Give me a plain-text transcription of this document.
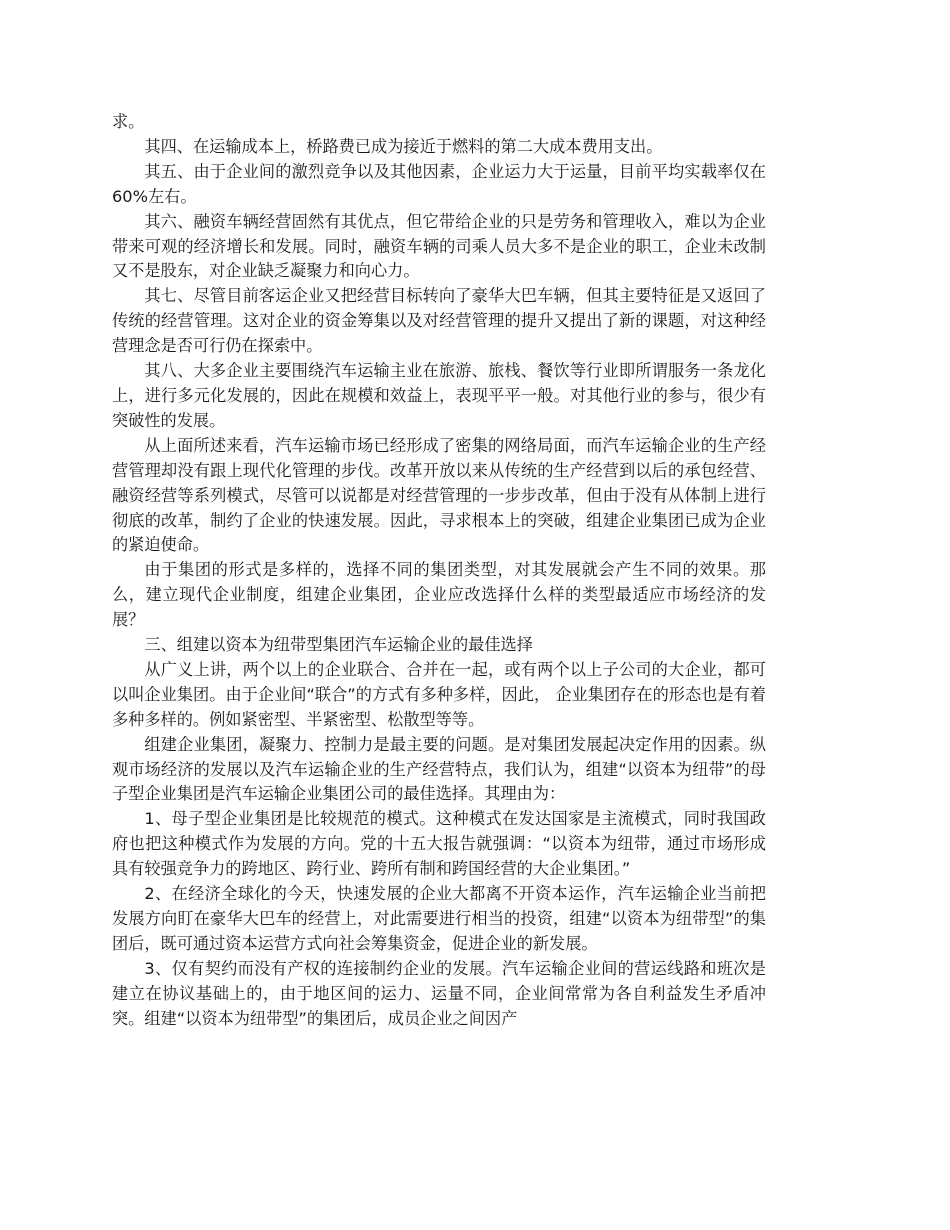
求。

其四、在运输成本上，桥路费已成为接近于燃料的第二大成本费用支出。

其五、由于企业间的激烈竞争以及其他因素，企业运力大于运量，目前平均实载率仅在60%左右。

其六、融资车辆经营固然有其优点，但它带给企业的只是劳务和管理收入，难以为企业带来可观的经济增长和发展。同时，融资车辆的司乘人员大多不是企业的职工，企业未改制又不是股东，对企业缺乏凝聚力和向心力。

其七、尽管目前客运企业又把经营目标转向了豪华大巴车辆，但其主要特征是又返回了传统的经营管理。这对企业的资金筹集以及对经营管理的提升又提出了新的课题，对这种经营理念是否可行仍在探索中。

其八、大多企业主要围绕汽车运输主业在旅游、旅栈、餐饮等行业即所谓服务一条龙化上，进行多元化发展的，因此在规模和效益上，表现平平一般。对其他行业的参与，很少有突破性的发展。

从上面所述来看，汽车运输市场已经形成了密集的网络局面，而汽车运输企业的生产经营管理却没有跟上现代化管理的步伐。改革开放以来从传统的生产经营到以后的承包经营、融资经营等系列模式，尽管可以说都是对经营管理的一步步改革，但由于没有从体制上进行彻底的改革，制约了企业的快速发展。因此，寻求根本上的突破，组建企业集团已成为企业的紧迫使命。

由于集团的形式是多样的，选择不同的集团类型，对其发展就会产生不同的效果。那么，建立现代企业制度，组建企业集团，企业应改选择什么样的类型最适应市场经济的发展？

三、组建以资本为纽带型集团汽车运输企业的最佳选择

从广义上讲，两个以上的企业联合、合并在一起，或有两个以上子公司的大企业，都可以叫企业集团。由于企业间“联合”的方式有多种多样，因此， 企业集团存在的形态也是有着多种多样的。例如紧密型、半紧密型、松散型等等。

组建企业集团，凝聚力、控制力是最主要的问题。是对集团发展起决定作用的因素。纵观市场经济的发展以及汽车运输企业的生产经营特点，我们认为，组建“以资本为纽带”的母子型企业集团是汽车运输企业集团公司的最佳选择。其理由为：

1、母子型企业集团是比较规范的模式。这种模式在发达国家是主流模式，同时我国政府也把这种模式作为发展的方向。党的十五大报告就强调：“以资本为纽带，通过市场形成具有较强竞争力的跨地区、跨行业、跨所有制和跨国经营的大企业集团。”

2、在经济全球化的今天，快速发展的企业大都离不开资本运作，汽车运输企业当前把发展方向盯在豪华大巴车的经营上，对此需要进行相当的投资，组建“以资本为纽带型”的集团后，既可通过资本运营方式向社会筹集资金，促进企业的新发展。

3、仅有契约而没有产权的连接制约企业的发展。汽车运输企业间的营运线路和班次是建立在协议基础上的，由于地区间的运力、运量不同，企业间常常为各自利益发生矛盾冲突。组建“以资本为纽带型”的集团后，成员企业之间因产
